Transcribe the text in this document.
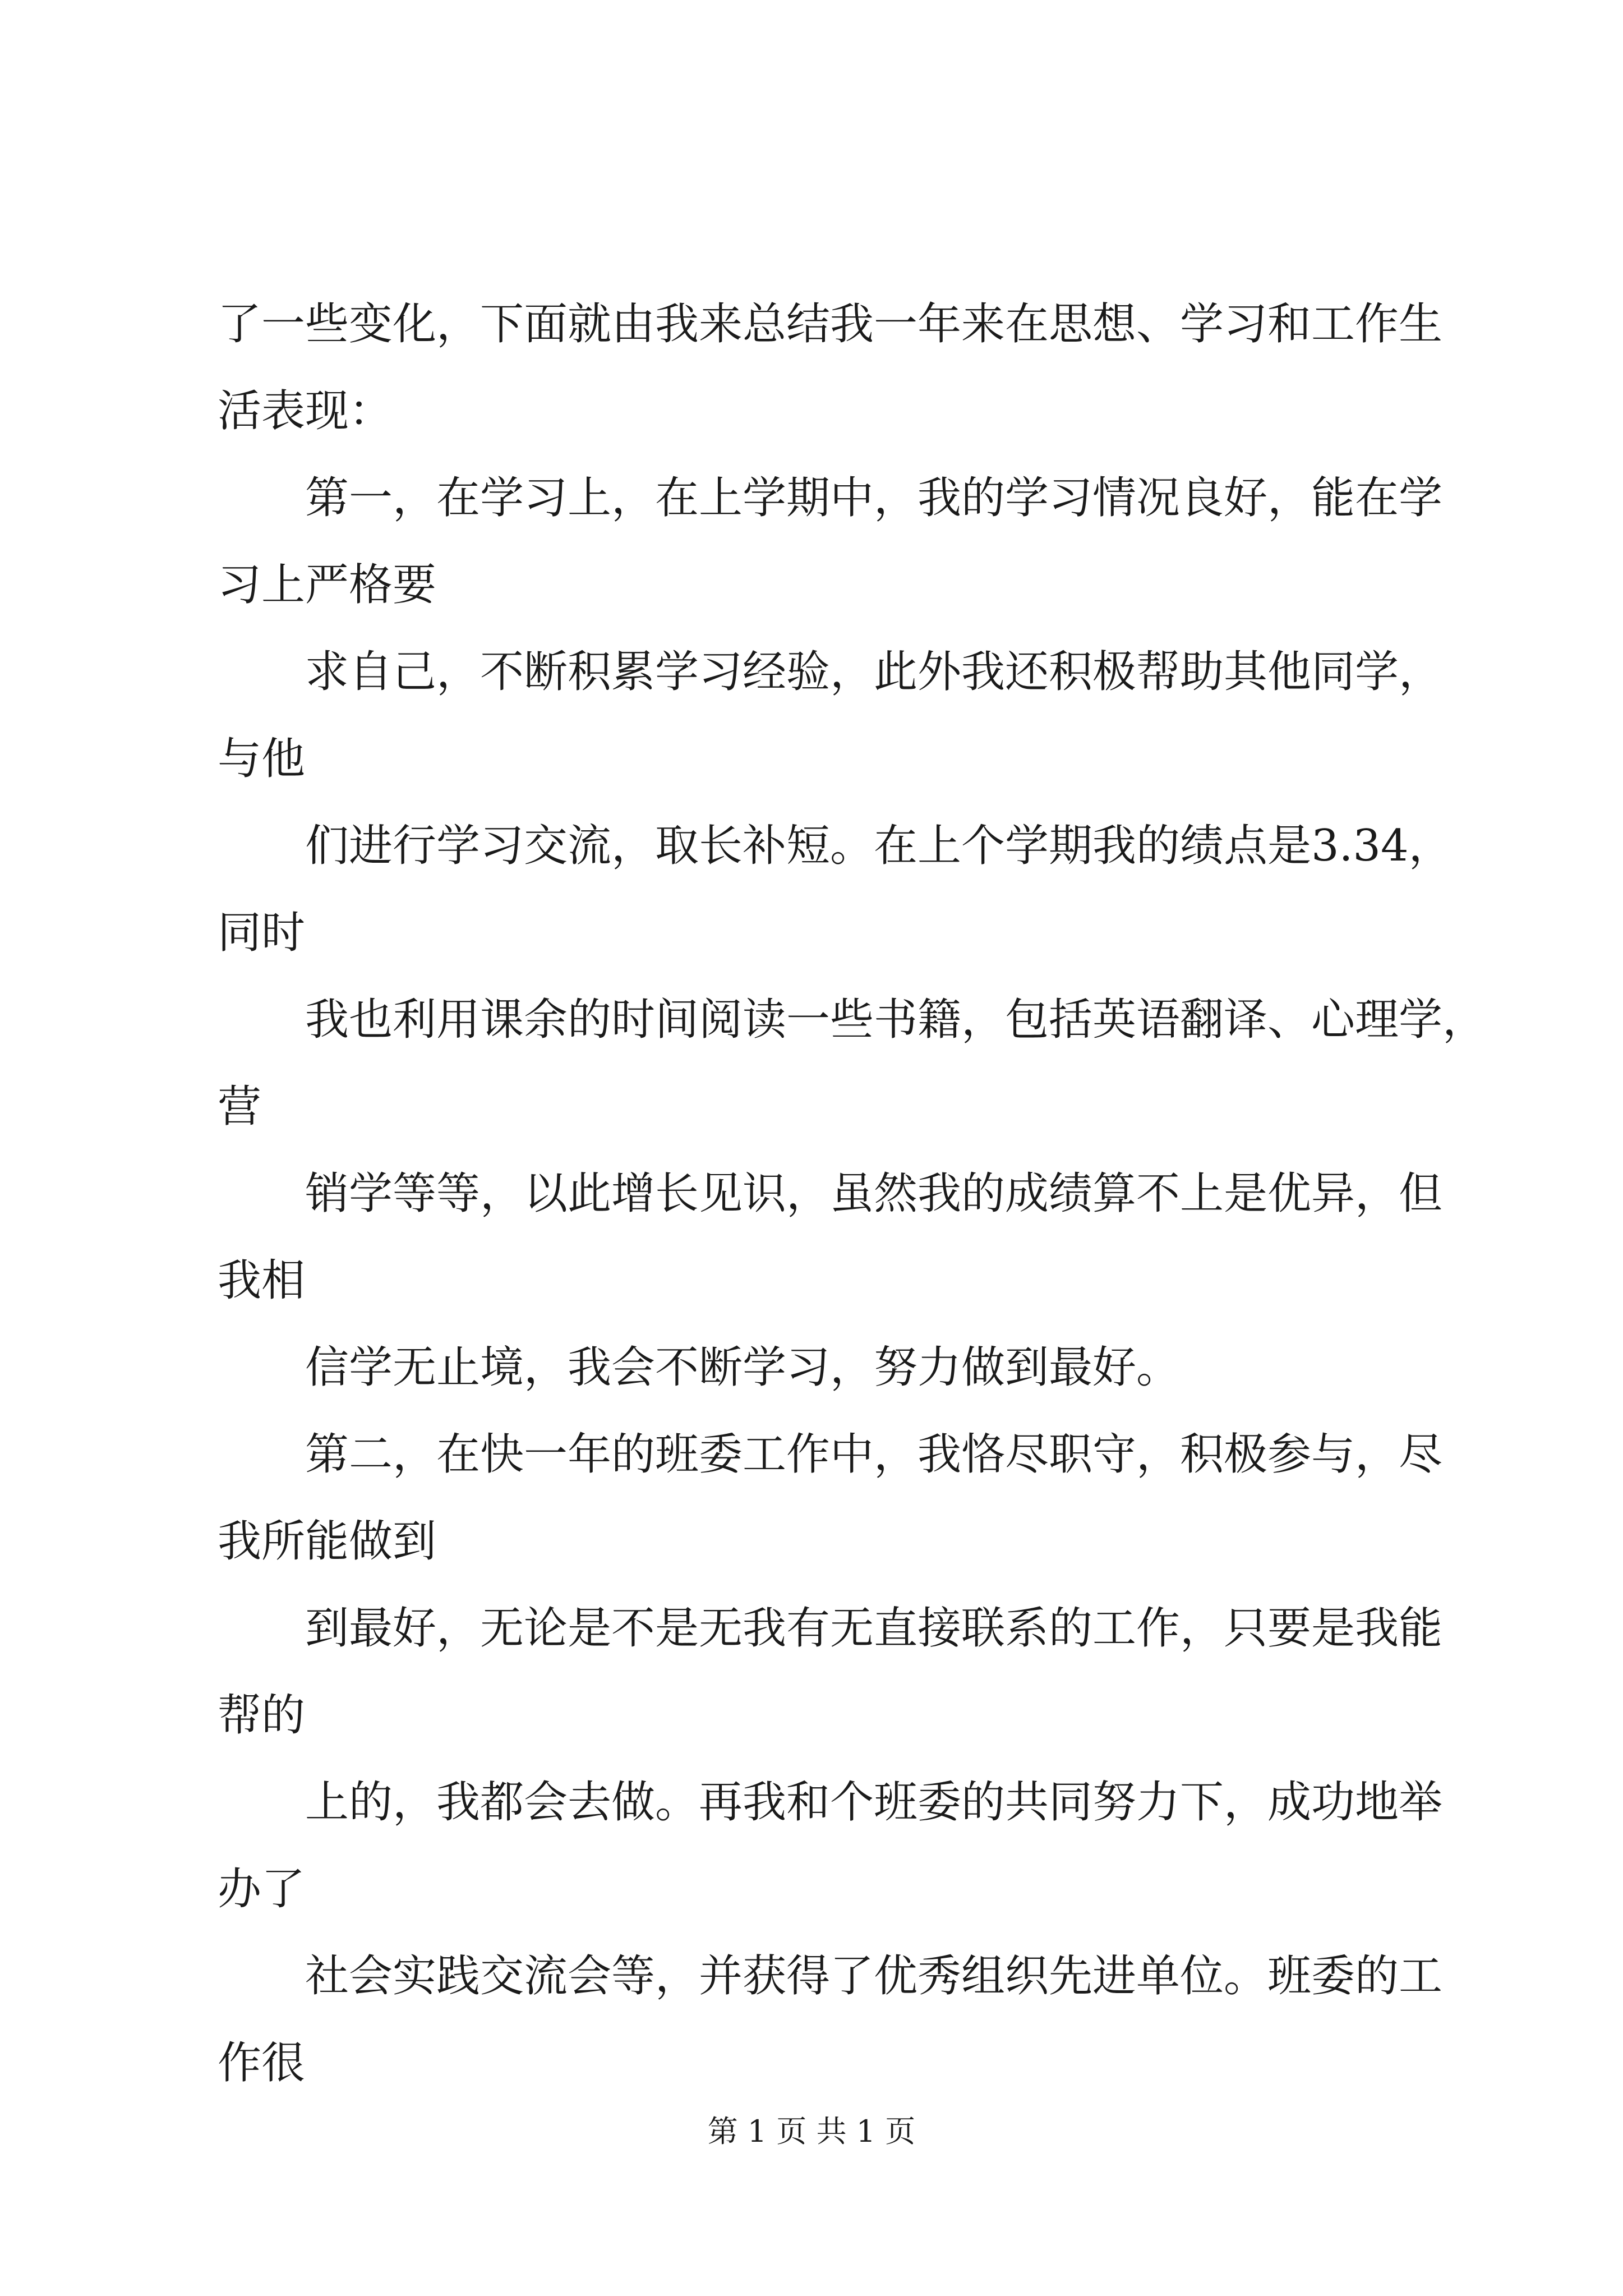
了一些变化，下面就由我来总结我一年来在思想、学习和工作生
活表现：
　　第一，在学习上，在上学期中，我的学习情况良好，能在学
习上严格要
　　求自己，不断积累学习经验，此外我还积极帮助其他同学，
与他
　　们进行学习交流，取长补短。在上个学期我的绩点是3.34，
同时
　　我也利用课余的时间阅读一些书籍，包括英语翻译、心理学，
营
　　销学等等，以此增长见识，虽然我的成绩算不上是优异，但
我相
　　信学无止境，我会不断学习，努力做到最好。
　　第二，在快一年的班委工作中，我恪尽职守，积极参与，尽
我所能做到
　　到最好，无论是不是无我有无直接联系的工作，只要是我能
帮的
　　上的，我都会去做。再我和个班委的共同努力下，成功地举
办了
　　社会实践交流会等，并获得了优秀组织先进单位。班委的工
作很
第 1 页 共 1 页
